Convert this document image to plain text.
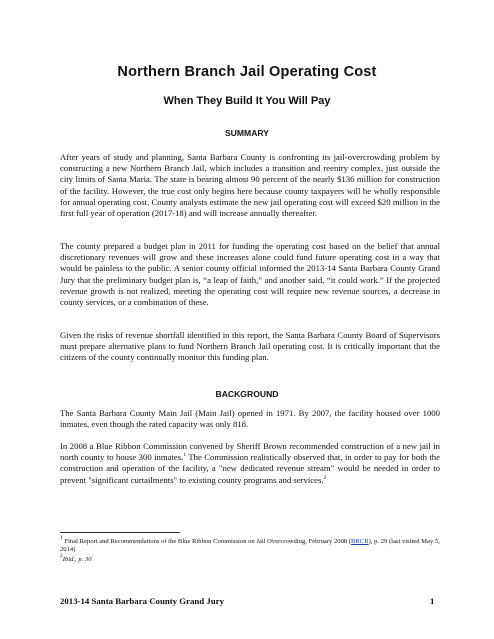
Northern Branch Jail Operating Cost
When They Build It You Will Pay
SUMMARY

After years of study and planning, Santa Barbara County is confronting its jail-overcrowding problem by constructing a new Northern Branch Jail, which includes a transition and reentry complex, just outside the city limits of Santa Maria. The state is bearing almost 90 percent of the nearly $136 million for construction of the facility. However, the true cost only begins here because county taxpayers will be wholly responsible for annual operating cost. County analysts estimate the new jail operating cost will exceed $20 million in the first full year of operation (2017-18) and will increase annually thereafter.

The county prepared a budget plan in 2011 for funding the operating cost based on the belief that annual discretionary revenues will grow and these increases alone could fund future operating cost in a way that would be painless to the public. A senior county official informed the 2013-14 Santa Barbara County Grand Jury that the preliminary budget plan is, “a leap of faith,” and another said, “it could work.” If the projected revenue growth is not realized, meeting the operating cost will require new revenue sources, a decrease in county services, or a combination of these.

Given the risks of revenue shortfall identified in this report, the Santa Barbara County Board of Supervisors must prepare alternative plans to fund Northern Branch Jail operating cost. It is critically important that the citizens of the county continually monitor this funding plan.

BACKGROUND

The Santa Barbara County Main Jail (Main Jail) opened in 1971. By 2007, the facility housed over 1000 inmates, even though the rated capacity was only 818.

In 2008 a Blue Ribbon Commission convened by Sheriff Brown recommended construction of a new jail in north county to house 300 inmates.$^1$ The Commission realistically observed that, in order to pay for both the construction and operation of the facility, a "new dedicated revenue stream" would be needed in order to prevent "significant curtailments" to existing county programs and services.$^2$

$^1$ Final Report and Recommendations of the Blue Ribbon Commission on Jail Overcrowding, February 2008 (BRCR), p. 29 (last visited May 5, 2014)

$^2$Ibid., p. 30

2013-14 Santa Barbara County Grand Jury	1
